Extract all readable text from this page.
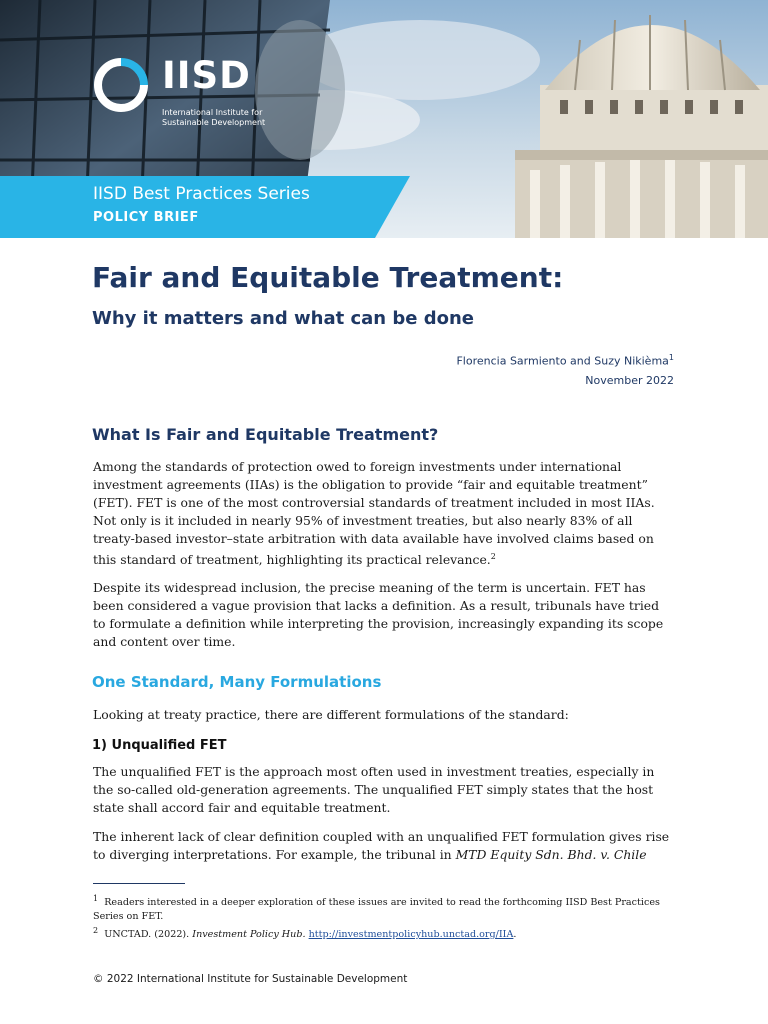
IISD
International Institute for
Sustainable Development
IISD Best Practices Series
POLICY BRIEF
Fair and Equitable Treatment:
Why it matters and what can be done
Florencia Sarmiento and Suzy Nikièma$^1$
November 2022
What Is Fair and Equitable Treatment?

Among the standards of protection owed to foreign investments under international investment agreements (IIAs) is the obligation to provide “fair and equitable treatment” (FET). FET is one of the most controversial standards of treatment included in most IIAs. Not only is it included in nearly 95% of investment treaties, but also nearly 83% of all treaty-based investor–state arbitration with data available have involved claims based on this standard of treatment, highlighting its practical relevance.$^2$

Despite its widespread inclusion, the precise meaning of the term is uncertain. FET has been considered a vague provision that lacks a definition. As a result, tribunals have tried to formulate a definition while interpreting the provision, increasingly expanding its scope and content over time.

One Standard, Many Formulations

Looking at treaty practice, there are different formulations of the standard:

1) Unqualified FET

The unqualified FET is the approach most often used in investment treaties, especially in the so-called old-generation agreements. The unqualified FET simply states that the host state shall accord fair and equitable treatment.

The inherent lack of clear definition coupled with an unqualified FET formulation gives rise to diverging interpretations. For example, the tribunal in MTD Equity Sdn. Bhd. v. Chile

$^1$ Readers interested in a deeper exploration of these issues are invited to read the forthcoming IISD Best Practices Series on FET.

$^2$ UNCTAD. (2022). Investment Policy Hub. http://investmentpolicyhub.unctad.org/IIA.

© 2022 International Institute for Sustainable Development
